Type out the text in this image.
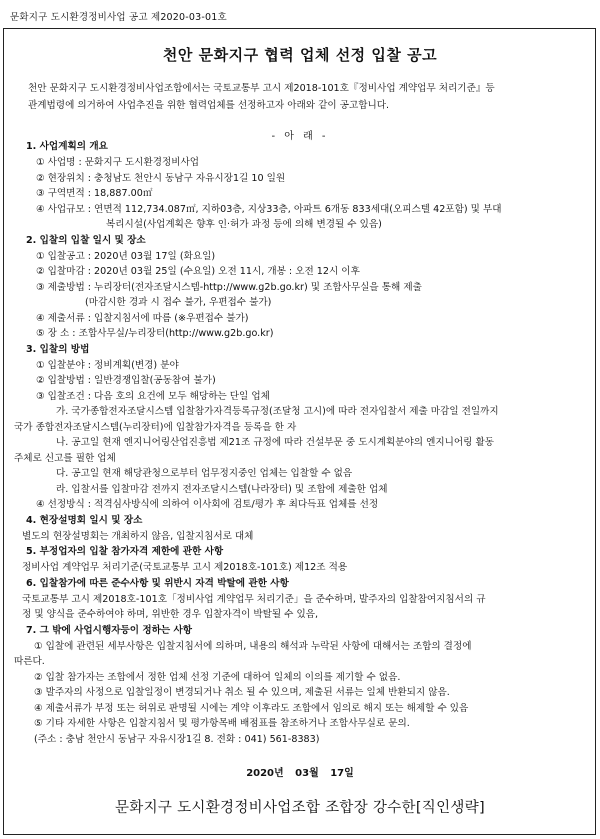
문화지구 도시환경정비사업 공고 제2020-03-01호
천안 문화지구 협력 업체 선정 입찰 공고
천안 문화지구 도시환경정비사업조합에서는 국토교통부 고시 제2018-101호『정비사업 계약업무 처리기준』등
관계법령에 의거하여 사업추진을 위한 협력업체를 선정하고자 아래와 같이 공고합니다.
- 아 래 -
1. 사업계획의 개요
① 사업명 : 문화지구 도시환경정비사업
② 현장위치 : 충청남도 천안시 동남구 자유시장1길 10 일원
③ 구역면적 : 18,887.00㎡
④ 사업규모 : 연면적 112,734.087㎡, 지하03층, 지상33층, 아파트 6개동 833세대(오피스텔 42포함) 및 부대
복리시설(사업계획은 향후 인·허가 과정 등에 의해 변경될 수 있음)
2. 입찰의 입찰 일시 및 장소
① 입찰공고 : 2020년 03월 17일 (화요일)
② 입찰마감 : 2020년 03월 25일 (수요일) 오전 11시, 개봉 : 오전 12시 이후
③ 제출방법 : 누리장터(전자조달시스템-http://www.g2b.go.kr) 및 조합사무실을 통해 제출
(마감시한 경과 시 접수 불가, 우편접수 불가)
④ 제출서류 : 입찰지침서에 따름 (※우편접수 불가)
⑤ 장 소 : 조합사무실/누리장터(http://www.g2b.go.kr)
3. 입찰의 방법
① 입찰분야 : 정비계획(변경) 분야
② 입찰방법 : 일반경쟁입찰(공동참여 불가)
③ 입찰조건 : 다음 호의 요건에 모두 해당하는 단일 업체
가. 국가종합전자조달시스템 입찰참가자격등록규정(조달청 고시)에 따라 전자입찰서 제출 마감일 전일까지
국가 종합전자조달시스템(누리장터)에 입찰참가자격을 등록을 한 자
나. 공고일 현재 엔지니어링산업진흥법 제21조 규정에 따라 건설부문 중 도시계획분야의 엔지니어링 활동
주체로 신고를 필한 업체
다. 공고일 현재 해당관청으로부터 업무정지중인 업체는 입찰할 수 없음
라. 입찰서를 입찰마감 전까지 전자조달시스템(나라장터) 및 조합에 제출한 업체
④ 선정방식 : 적격심사방식에 의하여 이사회에 검토/평가 후 최다득표 업체를 선정
4. 현장설명회 일시 및 장소
별도의 현장설명회는 개최하지 않음, 입찰지침서로 대체
5. 부정업자의 입찰 참가자격 제한에 관한 사항
정비사업 계약업무 처리기준(국토교통부 고시 제2018호-101호) 제12조 적용
6. 입찰참가에 따른 준수사항 및 위반시 자격 박탈에 관한 사항
국토교통부 고시 제2018호-101호「정비사업 계약업무 처리기준」을 준수하며, 발주자의 입찰참여지침서의 규
정 및 양식을 준수하여야 하며, 위반한 경우 입찰자격이 박탈될 수 있음,
7. 그 밖에 사업시행자등이 정하는 사항
① 입찰에 관련된 세부사항은 입찰지침서에 의하며, 내용의 해석과 누락된 사항에 대해서는 조합의 결정에
따른다.
② 입찰 참가자는 조합에서 정한 업체 선정 기준에 대하여 일체의 이의를 제기할 수 없음.
③ 발주자의 사정으로 입찰일정이 변경되거나 취소 될 수 있으며, 제출된 서류는 일체 반환되지 않음.
④ 제출서류가 부정 또는 허위로 판명될 시에는 계약 이후라도 조합에서 임의로 해지 또는 해제할 수 있음
⑤ 기타 자세한 사항은 입찰지침서 및 평가항목배 배점표를 참조하거나 조합사무실로 문의.
(주소 : 충남 천안시 동남구 자유시장1길 8. 전화 : 041) 561-8383)
2020년 03월 17일
문화지구 도시환경정비사업조합 조합장 강수한[직인생략]
